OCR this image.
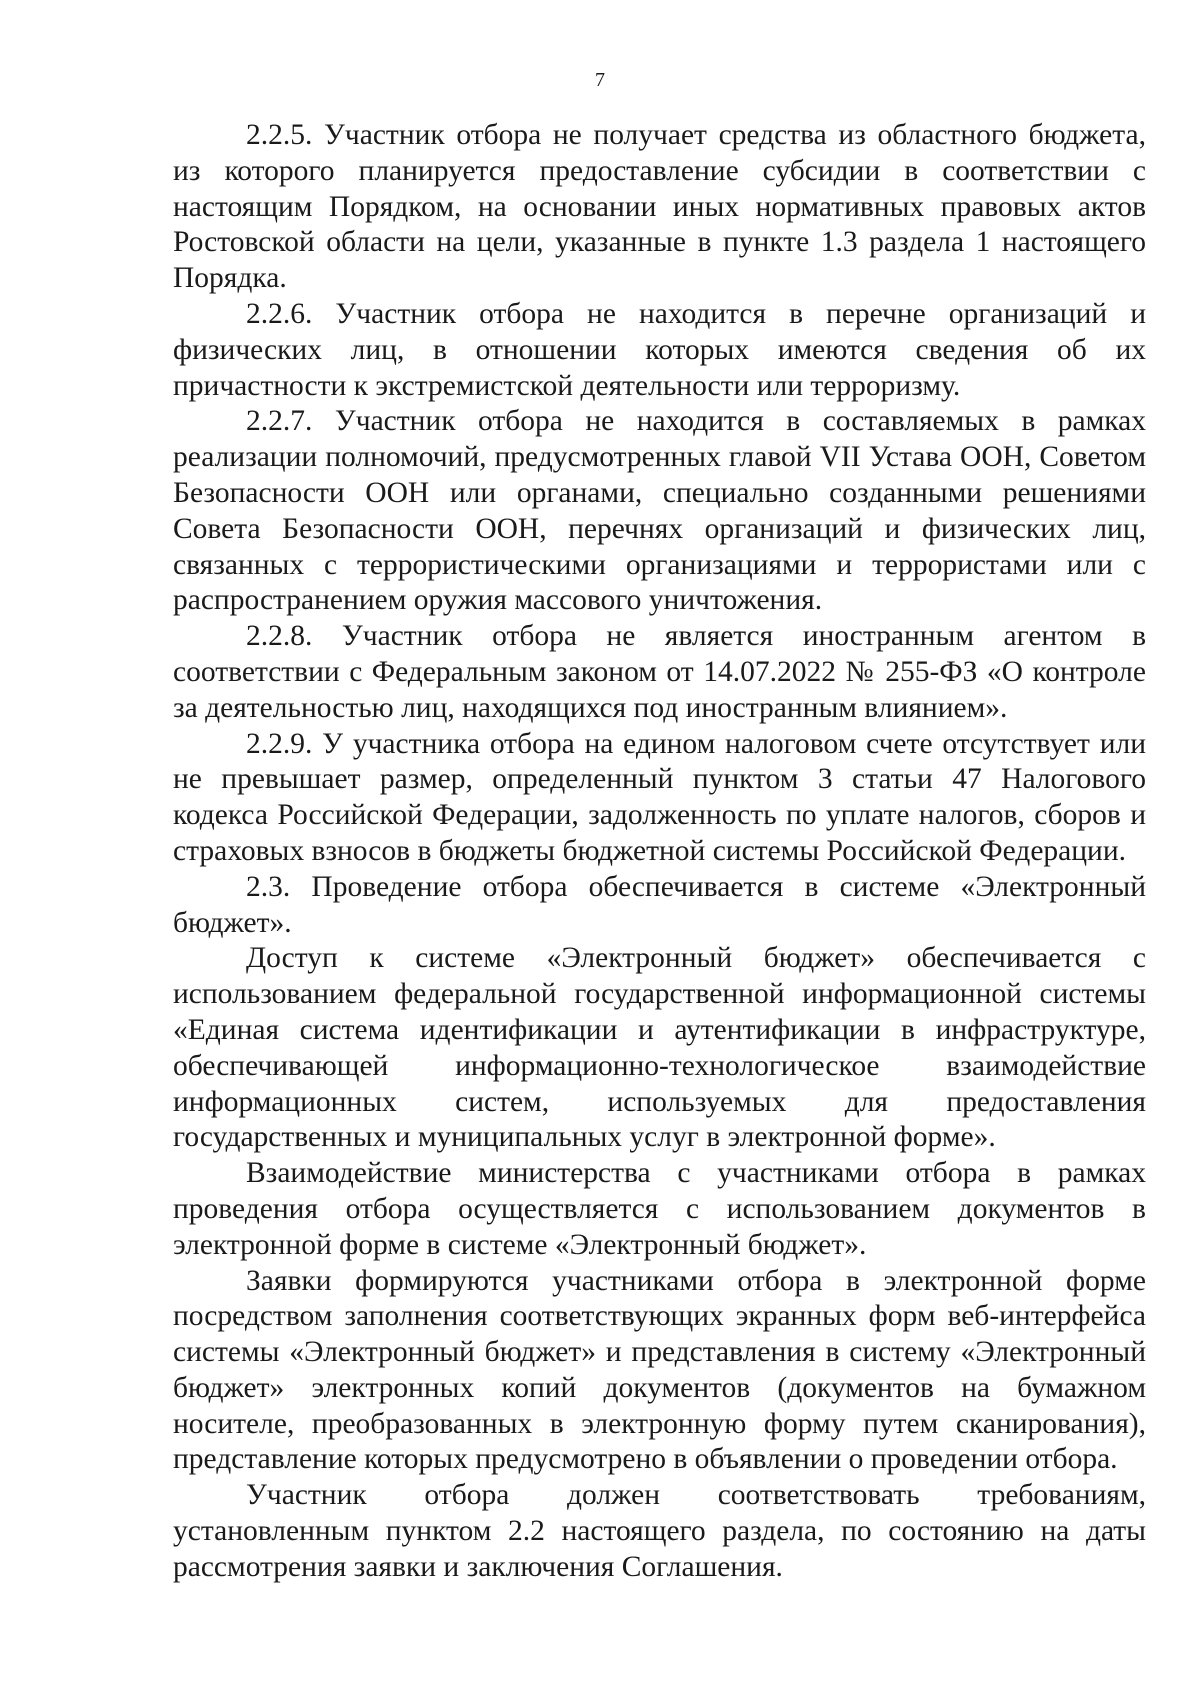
7

2.2.5. Участник отбора не получает средства из областного бюджета, из которого планируется предоставление субсидии в соответствии с настоящим Порядком, на основании иных нормативных правовых актов Ростовской области на цели, указанные в пункте 1.3 раздела 1 настоящего Порядка.

2.2.6. Участник отбора не находится в перечне организаций и физических лиц, в отношении которых имеются сведения об их причастности к экстремистской деятельности или терроризму.

2.2.7. Участник отбора не находится в составляемых в рамках реализации полномочий, предусмотренных главой VII Устава ООН, Советом Безопасности ООН или органами, специально созданными решениями Совета Безопасности ООН, перечнях организаций и физических лиц, связанных с террористическими организациями и террористами или с распространением оружия массового уничтожения.

2.2.8. Участник отбора не является иностранным агентом в соответствии с Федеральным законом от 14.07.2022 № 255-ФЗ «О контроле за деятельностью лиц, находящихся под иностранным влиянием».

2.2.9. У участника отбора на едином налоговом счете отсутствует или не превышает размер, определенный пунктом 3 статьи 47 Налогового кодекса Российской Федерации, задолженность по уплате налогов, сборов и страховых взносов в бюджеты бюджетной системы Российской Федерации.

2.3. Проведение отбора обеспечивается в системе «Электронный бюджет».

Доступ к системе «Электронный бюджет» обеспечивается с использованием федеральной государственной информационной системы «Единая система идентификации и аутентификации в инфраструктуре, обеспечивающей информационно-технологическое взаимодействие информационных систем, используемых для предоставления государственных и муниципальных услуг в электронной форме».

Взаимодействие министерства с участниками отбора в рамках проведения отбора осуществляется с использованием документов в электронной форме в системе «Электронный бюджет».

Заявки формируются участниками отбора в электронной форме посредством заполнения соответствующих экранных форм веб-интерфейса системы «Электронный бюджет» и представления в систему «Электронный бюджет» электронных копий документов (документов на бумажном носителе, преобразованных в электронную форму путем сканирования), представление которых предусмотрено в объявлении о проведении отбора.

Участник отбора должен соответствовать требованиям, установленным пунктом 2.2 настоящего раздела, по состоянию на даты рассмотрения заявки и заключения Соглашения.
